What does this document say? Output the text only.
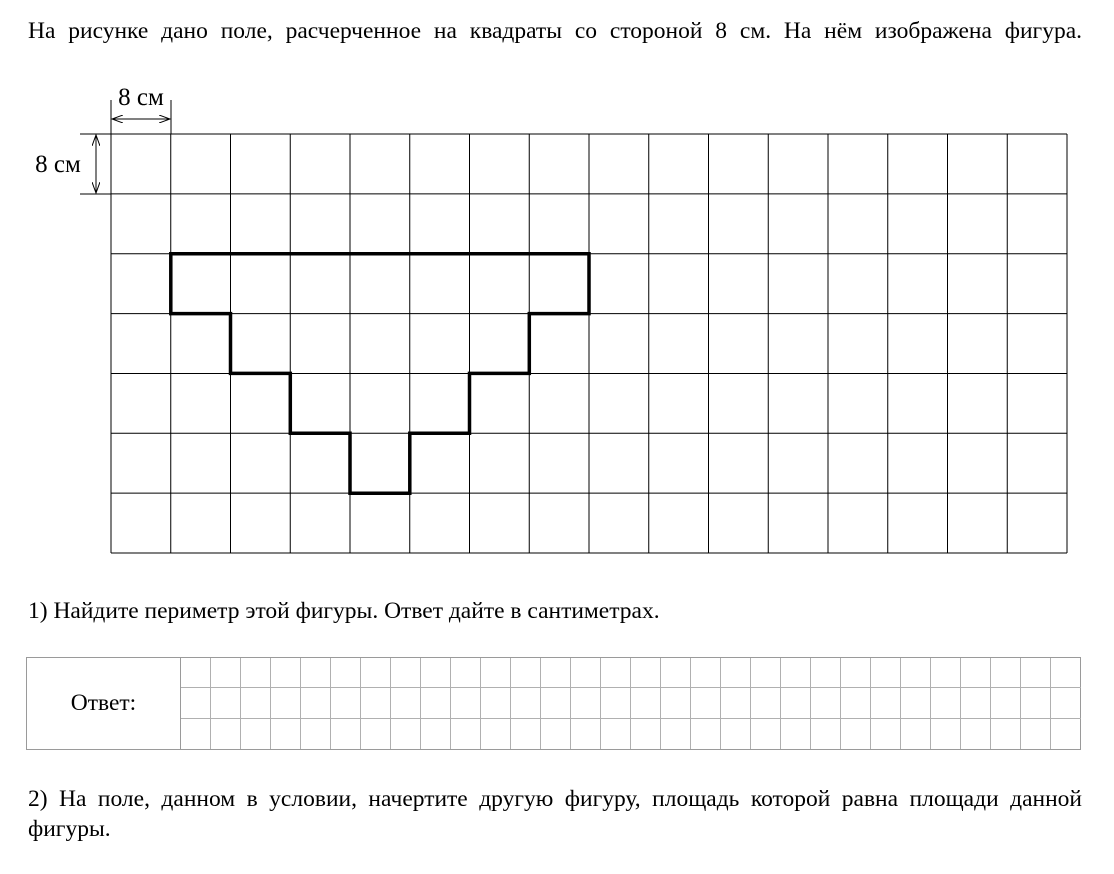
На рисунке дано поле, расчерченное на квадраты со стороной 8 см. На нём изображена фигура.

8 см
8 см

1) Найдите периметр этой фигуры. Ответ дайте в сантиметрах.

Ответ:

2) На поле, данном в условии, начертите другую фигуру, площадь которой равна площади данной фигуры.
